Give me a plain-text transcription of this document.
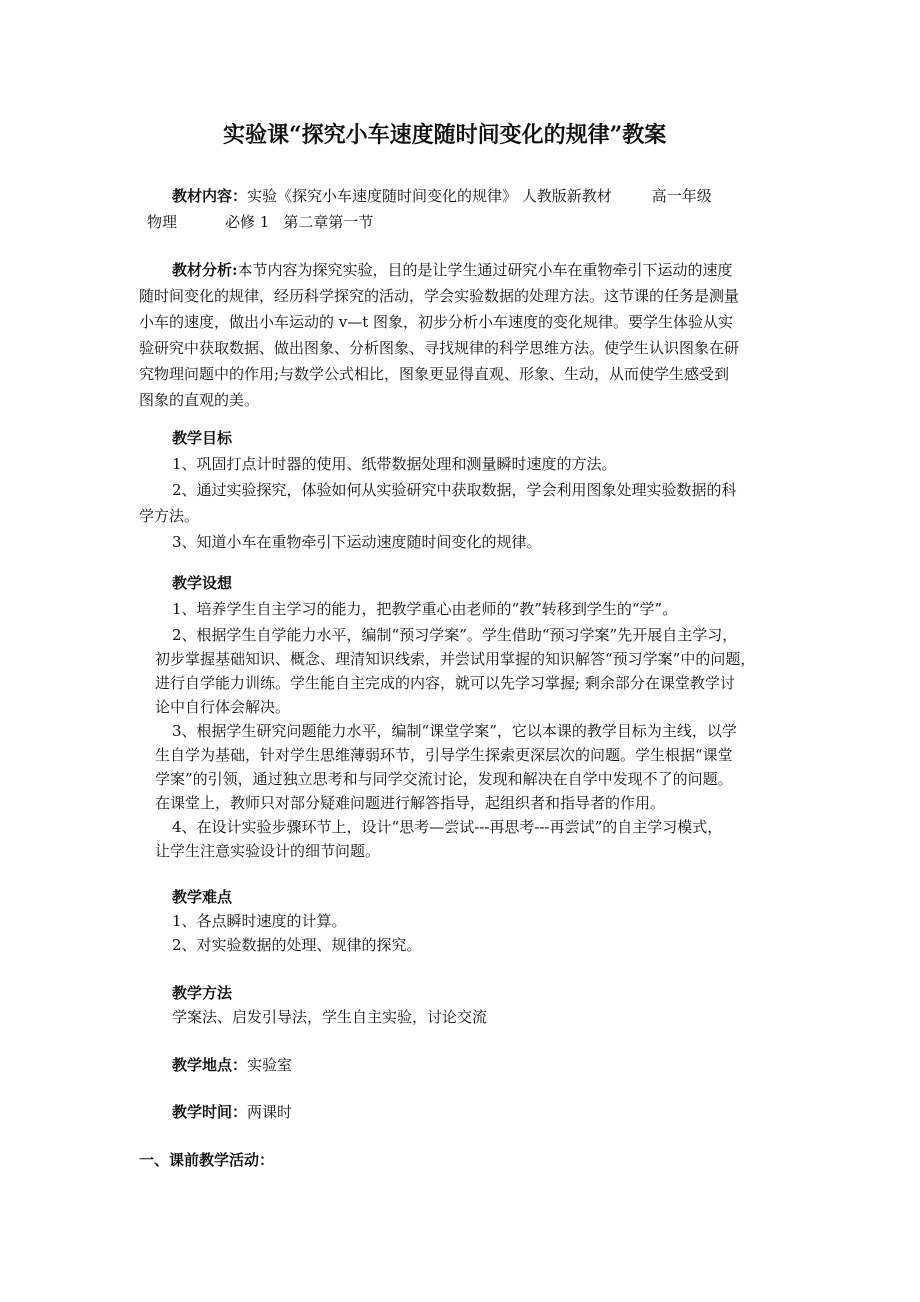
实验课“探究小车速度随时间变化的规律”教案
教材内容：实验《探究小车速度随时间变化的规律》 人教版新教材	高一年级
物理	必修 1 第二章第一节
教材分析:本节内容为探究实验，目的是让学生通过研究小车在重物牵引下运动的速度
随时间变化的规律，经历科学探究的活动，学会实验数据的处理方法。这节课的任务是测量
小车的速度，做出小车运动的 v—t 图象，初步分析小车速度的变化规律。要学生体验从实
验研究中获取数据、做出图象、分析图象、寻找规律的科学思维方法。使学生认识图象在研
究物理问题中的作用;与数学公式相比，图象更显得直观、形象、生动，从而使学生感受到
图象的直观的美。
教学目标
1、巩固打点计时器的使用、纸带数据处理和测量瞬时速度的方法。
2、通过实验探究，体验如何从实验研究中获取数据，学会利用图象处理实验数据的科
学方法。
3、知道小车在重物牵引下运动速度随时间变化的规律。
教学设想
1、培养学生自主学习的能力，把教学重心由老师的“教”转移到学生的“学”。
2、根据学生自学能力水平，编制“预习学案”。学生借助“预习学案”先开展自主学习，
初步掌握基础知识、概念、理清知识线索，并尝试用掌握的知识解答“预习学案”中的问题，
进行自学能力训练。学生能自主完成的内容，就可以先学习掌握; 剩余部分在课堂教学讨
论中自行体会解决。
3、根据学生研究问题能力水平，编制“课堂学案”，它以本课的教学目标为主线，以学
生自学为基础，针对学生思维薄弱环节，引导学生探索更深层次的问题。学生根据“课堂
学案”的引领，通过独立思考和与同学交流讨论，发现和解决在自学中发现不了的问题。
在课堂上，教师只对部分疑难问题进行解答指导，起组织者和指导者的作用。
4、在设计实验步骤环节上，设计“思考—尝试---再思考---再尝试”的自主学习模式，
让学生注意实验设计的细节问题。
教学难点
1、各点瞬时速度的计算。
2、对实验数据的处理、规律的探究。
教学方法
学案法、启发引导法，学生自主实验，讨论交流
教学地点：实验室
教学时间：两课时
一、课前教学活动：
